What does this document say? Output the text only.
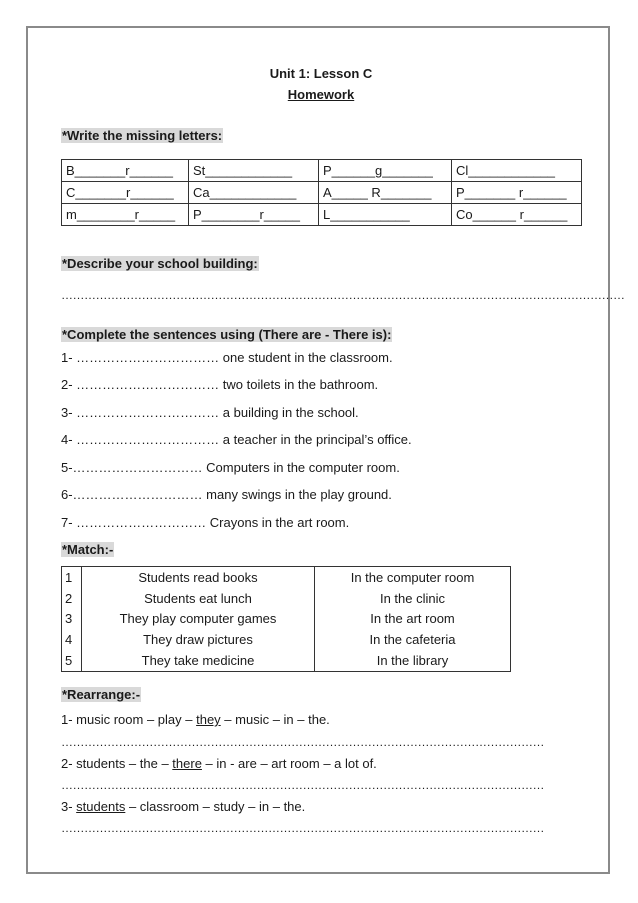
Unit 1: Lesson C
Homework
*Write the missing letters:
B_______r______	St____________	P______g_______	Cl____________
C_______r______	Ca____________	A_____ R_______	P_______ r______
m________r_____	P________r_____	L___________	Co______ r______
*Describe your school building:
…………………………………………………………………………………………………………………………………
*Complete the sentences using (There are - There is):
1- …………………………… one student in the classroom.
2- …………………………… two toilets in the bathroom.
3- …………………………… a building in the school.
4- …………………………… a teacher in the principal’s office.
5-………………………… Computers in the computer room.
6-………………………… many swings in the play ground.
7- ………………………… Crayons in the art room.
*Match:-
1	Students read books	In the computer room
2	Students eat lunch	In the clinic
3	They play computer games	In the art room
4	They draw pictures	In the cafeteria
5	They take medicine	In the library
*Rearrange:-
1- music room – play – they – music – in – the.
………………………………………………………………………………………………………………
2- students – the – there – in - are – art room – a lot of.
………………………………………………………………………………………………………………
3- students – classroom – study – in – the.
………………………………………………………………………………………………………………
